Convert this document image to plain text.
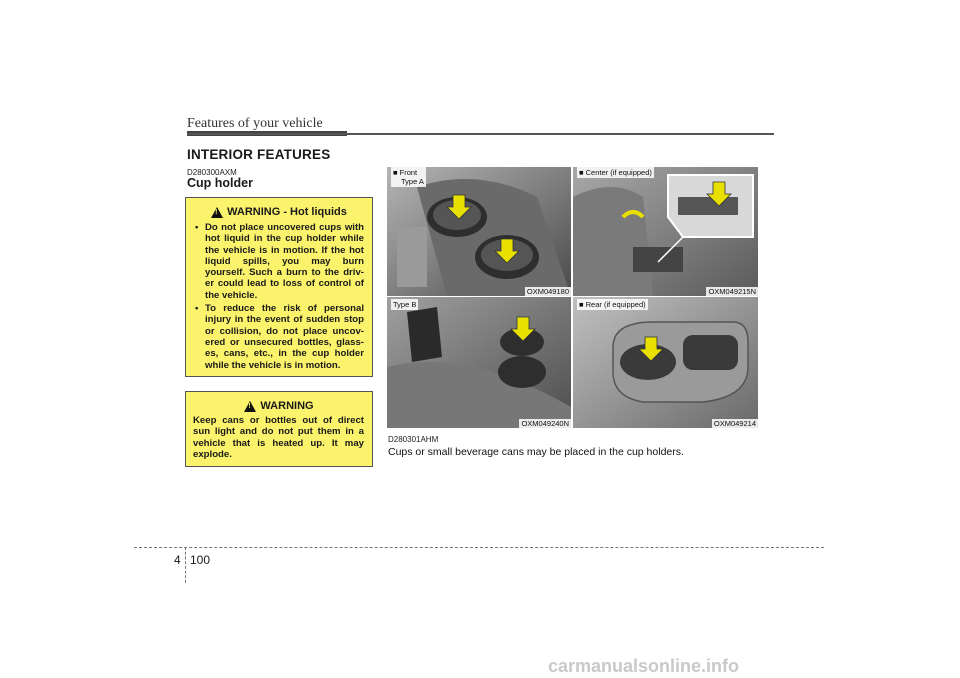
Features of your vehicle
INTERIOR FEATURES
D280300AXM
Cup holder
!
WARNING - Hot liquids
• Do not place uncovered cups with hot liquid in the cup holder while the vehicle is in motion. If the hot liquid spills, you may burn yourself. Such a burn to the driv-er could lead to loss of control of the vehicle.
• To reduce the risk of personal injury in the event of sudden stop or collision, do not place uncov-ered or unsecured bottles, glass-es, cans, etc., in the cup holder while the vehicle is in motion.
!
WARNING
Keep cans or bottles out of direct sun light and do not put them in a vehicle that is heated up. It may explode.
■ Front
Type A
OXM049180
■ Center (if equipped)
OXM049215N
Type B
OXM049240N
■ Rear (if equipped)
OXM049214
D280301AHM
Cups or small beverage cans may be placed in the cup holders.
4 100
carmanualsonline.info
